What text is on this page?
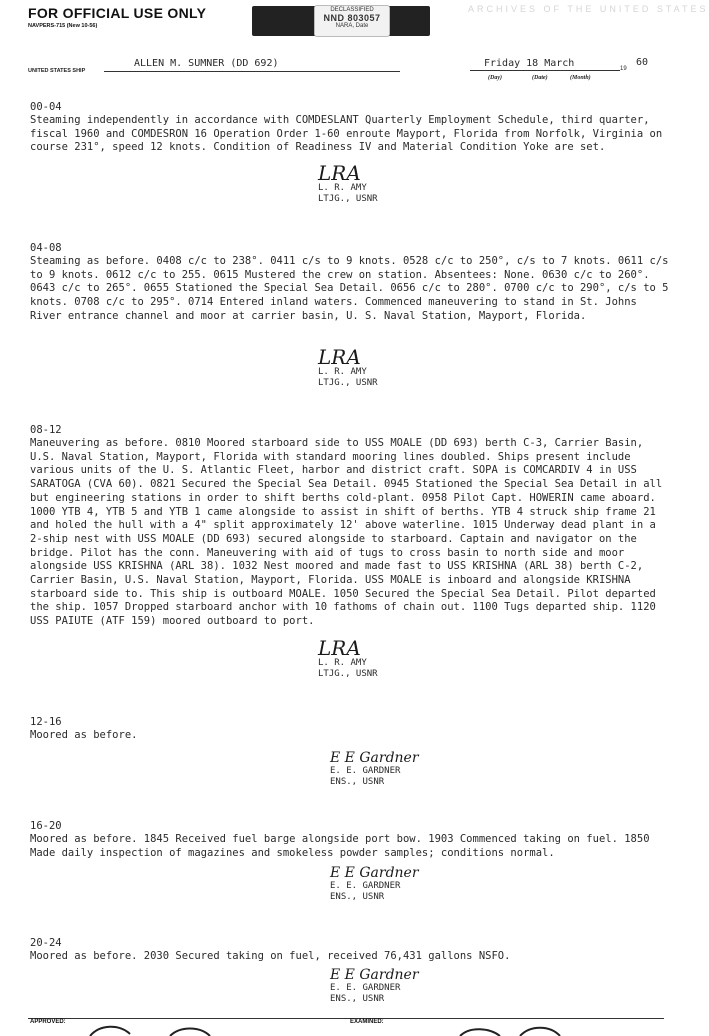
FOR OFFICIAL USE ONLY
NAVPERS-715 (New 10-56)
DECLASSIFIED
NND 803057
NARA, Date
ARCHIVES OF THE UNITED STATES
UNITED STATES SHIP
ALLEN M. SUMNER (DD 692)	Friday 18 March
(Day)	(Date)	(Month)
19
60

00-04

Steaming independently in accordance with COMDESLANT Quarterly Employment Schedule, third quarter, fiscal 1960 and COMDESRON 16 Operation Order 1-60 enroute Mayport, Florida from Norfolk, Virginia on course 231°, speed 12 knots. Condition of Readiness IV and Material Condition Yoke are set.

LRA

L. R. AMY

LTJG., USNR

04-08

Steaming as before. 0408 c/c to 238°. 0411 c/s to 9 knots. 0528 c/c to 250°, c/s to 7 knots. 0611 c/s to 9 knots. 0612 c/c to 255. 0615 Mustered the crew on station. Absentees: None. 0630 c/c to 260°. 0643 c/c to 265°. 0655 Stationed the Special Sea Detail. 0656 c/c to 280°. 0700 c/c to 290°, c/s to 5 knots. 0708 c/c to 295°. 0714 Entered inland waters. Commenced maneuvering to stand in St. Johns River entrance channel and moor at carrier basin, U. S. Naval Station, Mayport, Florida.

LRA

L. R. AMY

LTJG., USNR

08-12

Maneuvering as before. 0810 Moored starboard side to USS MOALE (DD 693) berth C-3, Carrier Basin, U.S. Naval Station, Mayport, Florida with standard mooring lines doubled. Ships present include various units of the U. S. Atlantic Fleet, harbor and district craft. SOPA is COMCARDIV 4 in USS SARATOGA (CVA 60). 0821 Secured the Special Sea Detail. 0945 Stationed the Special Sea Detail in all but engineering stations in order to shift berths cold-plant. 0958 Pilot Capt. HOWERIN came aboard. 1000 YTB 4, YTB 5 and YTB 1 came alongside to assist in shift of berths. YTB 4 struck ship frame 21 and holed the hull with a 4" split approximately 12' above waterline. 1015 Underway dead plant in a 2-ship nest with USS MOALE (DD 693) secured alongside to starboard. Captain and navigator on the bridge. Pilot has the conn. Maneuvering with aid of tugs to cross basin to north side and moor alongside USS KRISHNA (ARL 38). 1032 Nest moored and made fast to USS KRISHNA (ARL 38) berth C-2, Carrier Basin, U.S. Naval Station, Mayport, Florida. USS MOALE is inboard and alongside KRISHNA starboard side to. This ship is outboard MOALE. 1050 Secured the Special Sea Detail. Pilot departed the ship. 1057 Dropped starboard anchor with 10 fathoms of chain out. 1100 Tugs departed ship. 1120 USS PAIUTE (ATF 159) moored outboard to port.

LRA

L. R. AMY

LTJG., USNR

12-16

Moored as before.

E E Gardner

E. E. GARDNER

ENS., USNR

16-20

Moored as before. 1845 Received fuel barge alongside port bow. 1903 Commenced taking on fuel. 1850 Made daily inspection of magazines and smokeless powder samples; conditions normal.

E E Gardner

E. E. GARDNER

ENS., USNR

20-24

Moored as before. 2030 Secured taking on fuel, received 76,431 gallons NSFO.

E E Gardner

E. E. GARDNER

ENS., USNR

APPROVED:	EXAMINED:
